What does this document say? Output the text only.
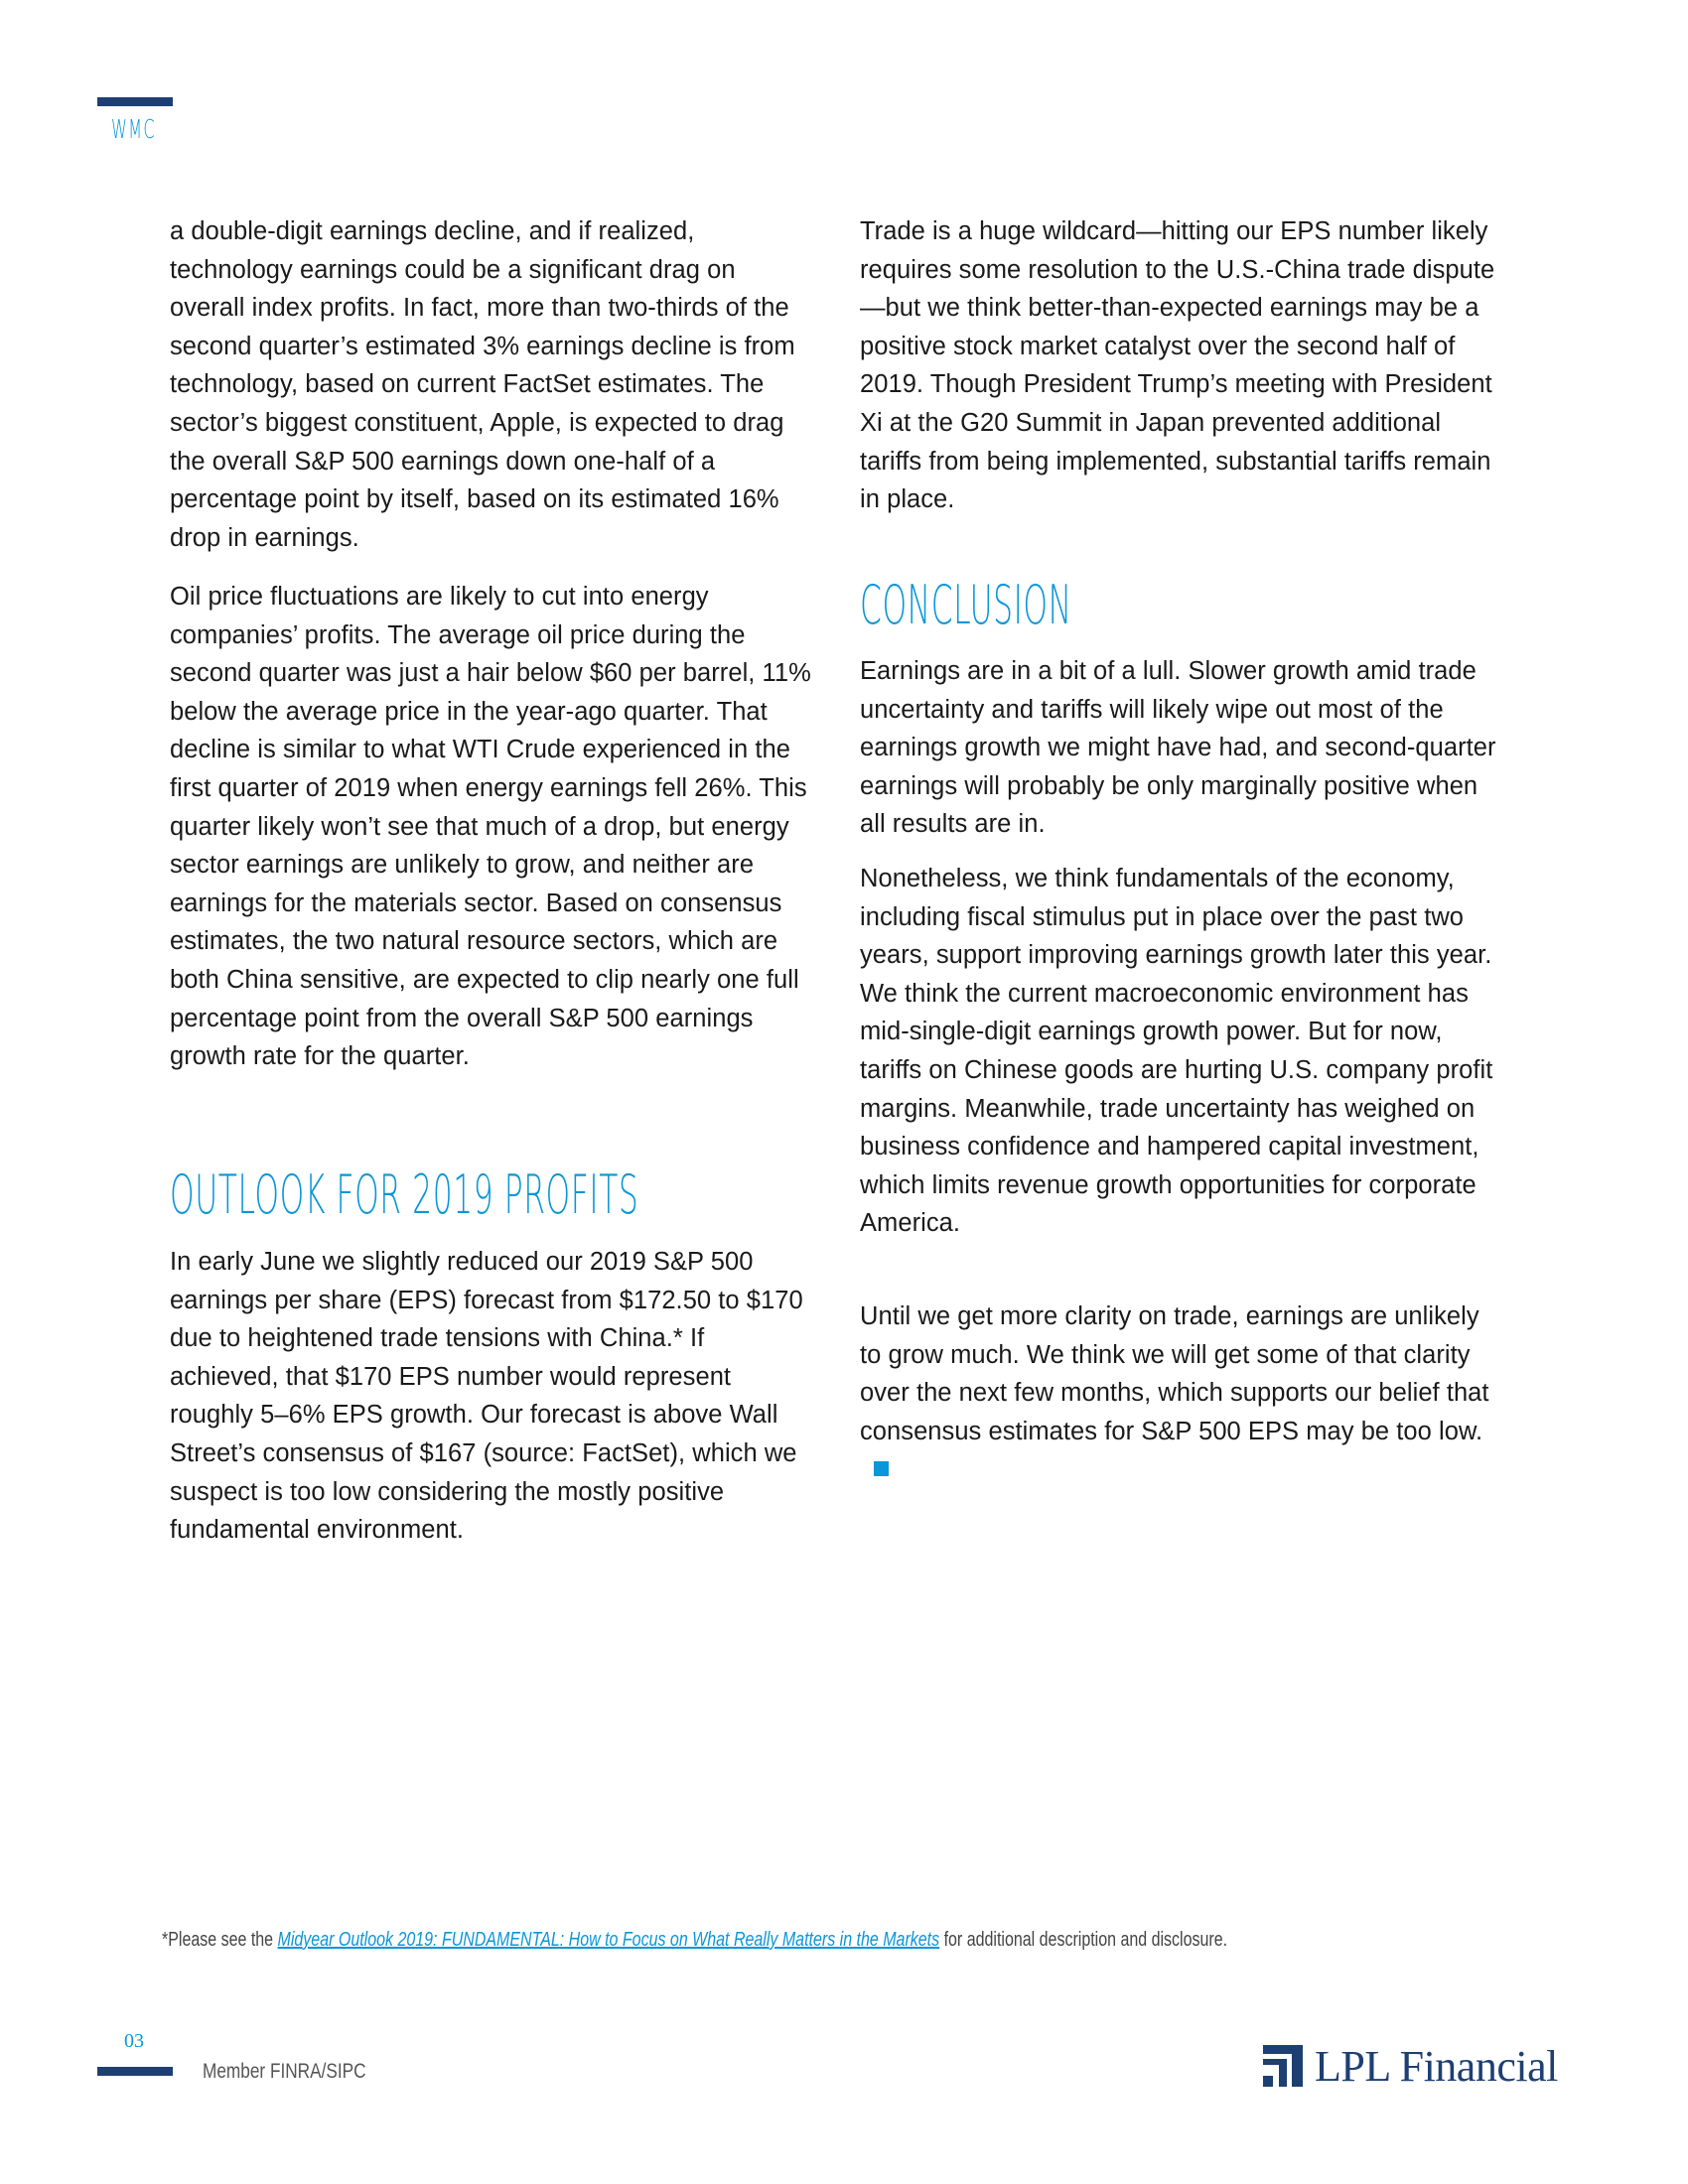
WMC

a double-digit earnings decline, and if realized, technology earnings could be a significant drag on overall index profits. In fact, more than two-thirds of the second quarter’s estimated 3% earnings decline is from technology, based on current FactSet estimates. The sector’s biggest constituent, Apple, is expected to drag the overall S&P 500 earnings down one-half of a percentage point by itself, based on its estimated 16% drop in earnings.

Oil price fluctuations are likely to cut into energy companies’ profits. The average oil price during the second quarter was just a hair below $60 per barrel, 11% below the average price in the year-ago quarter. That decline is similar to what WTI Crude experienced in the first quarter of 2019 when energy earnings fell 26%. This quarter likely won’t see that much of a drop, but energy sector earnings are unlikely to grow, and neither are earnings for the materials sector. Based on consensus estimates, the two natural resource sectors, which are both China sensitive, are expected to clip nearly one full percentage point from the overall S&P 500 earnings growth rate for the quarter.

OUTLOOK FOR 2019 PROFITS

In early June we slightly reduced our 2019 S&P 500 earnings per share (EPS) forecast from $172.50 to $170 due to heightened trade tensions with China.* If achieved, that $170 EPS number would represent roughly 5–6% EPS growth. Our forecast is above Wall Street’s consensus of $167 (source: FactSet), which we suspect is too low considering the mostly positive fundamental environment.

Trade is a huge wildcard—hitting our EPS number likely requires some resolution to the U.S.-China trade dispute—but we think better-than-expected earnings may be a positive stock market catalyst over the second half of 2019. Though President Trump’s meeting with President Xi at the G20 Summit in Japan prevented additional tariffs from being implemented, substantial tariffs remain in place.

CONCLUSION

Earnings are in a bit of a lull. Slower growth amid trade uncertainty and tariffs will likely wipe out most of the earnings growth we might have had, and second-quarter earnings will probably be only marginally positive when all results are in.

Nonetheless, we think fundamentals of the economy, including fiscal stimulus put in place over the past two years, support improving earnings growth later this year. We think the current macroeconomic environment has mid-single-digit earnings growth power. But for now, tariffs on Chinese goods are hurting U.S. company profit margins. Meanwhile, trade uncertainty has weighed on business confidence and hampered capital investment, which limits revenue growth opportunities for corporate America.

Until we get more clarity on trade, earnings are unlikely to grow much. We think we will get some of that clarity over the next few months, which supports our belief that consensus estimates for S&P 500 EPS may be too low.

*Please see the Midyear Outlook 2019: FUNDAMENTAL: How to Focus on What Really Matters in the Markets for additional description and disclosure.
03
Member FINRA/SIPC	LPL Financial
